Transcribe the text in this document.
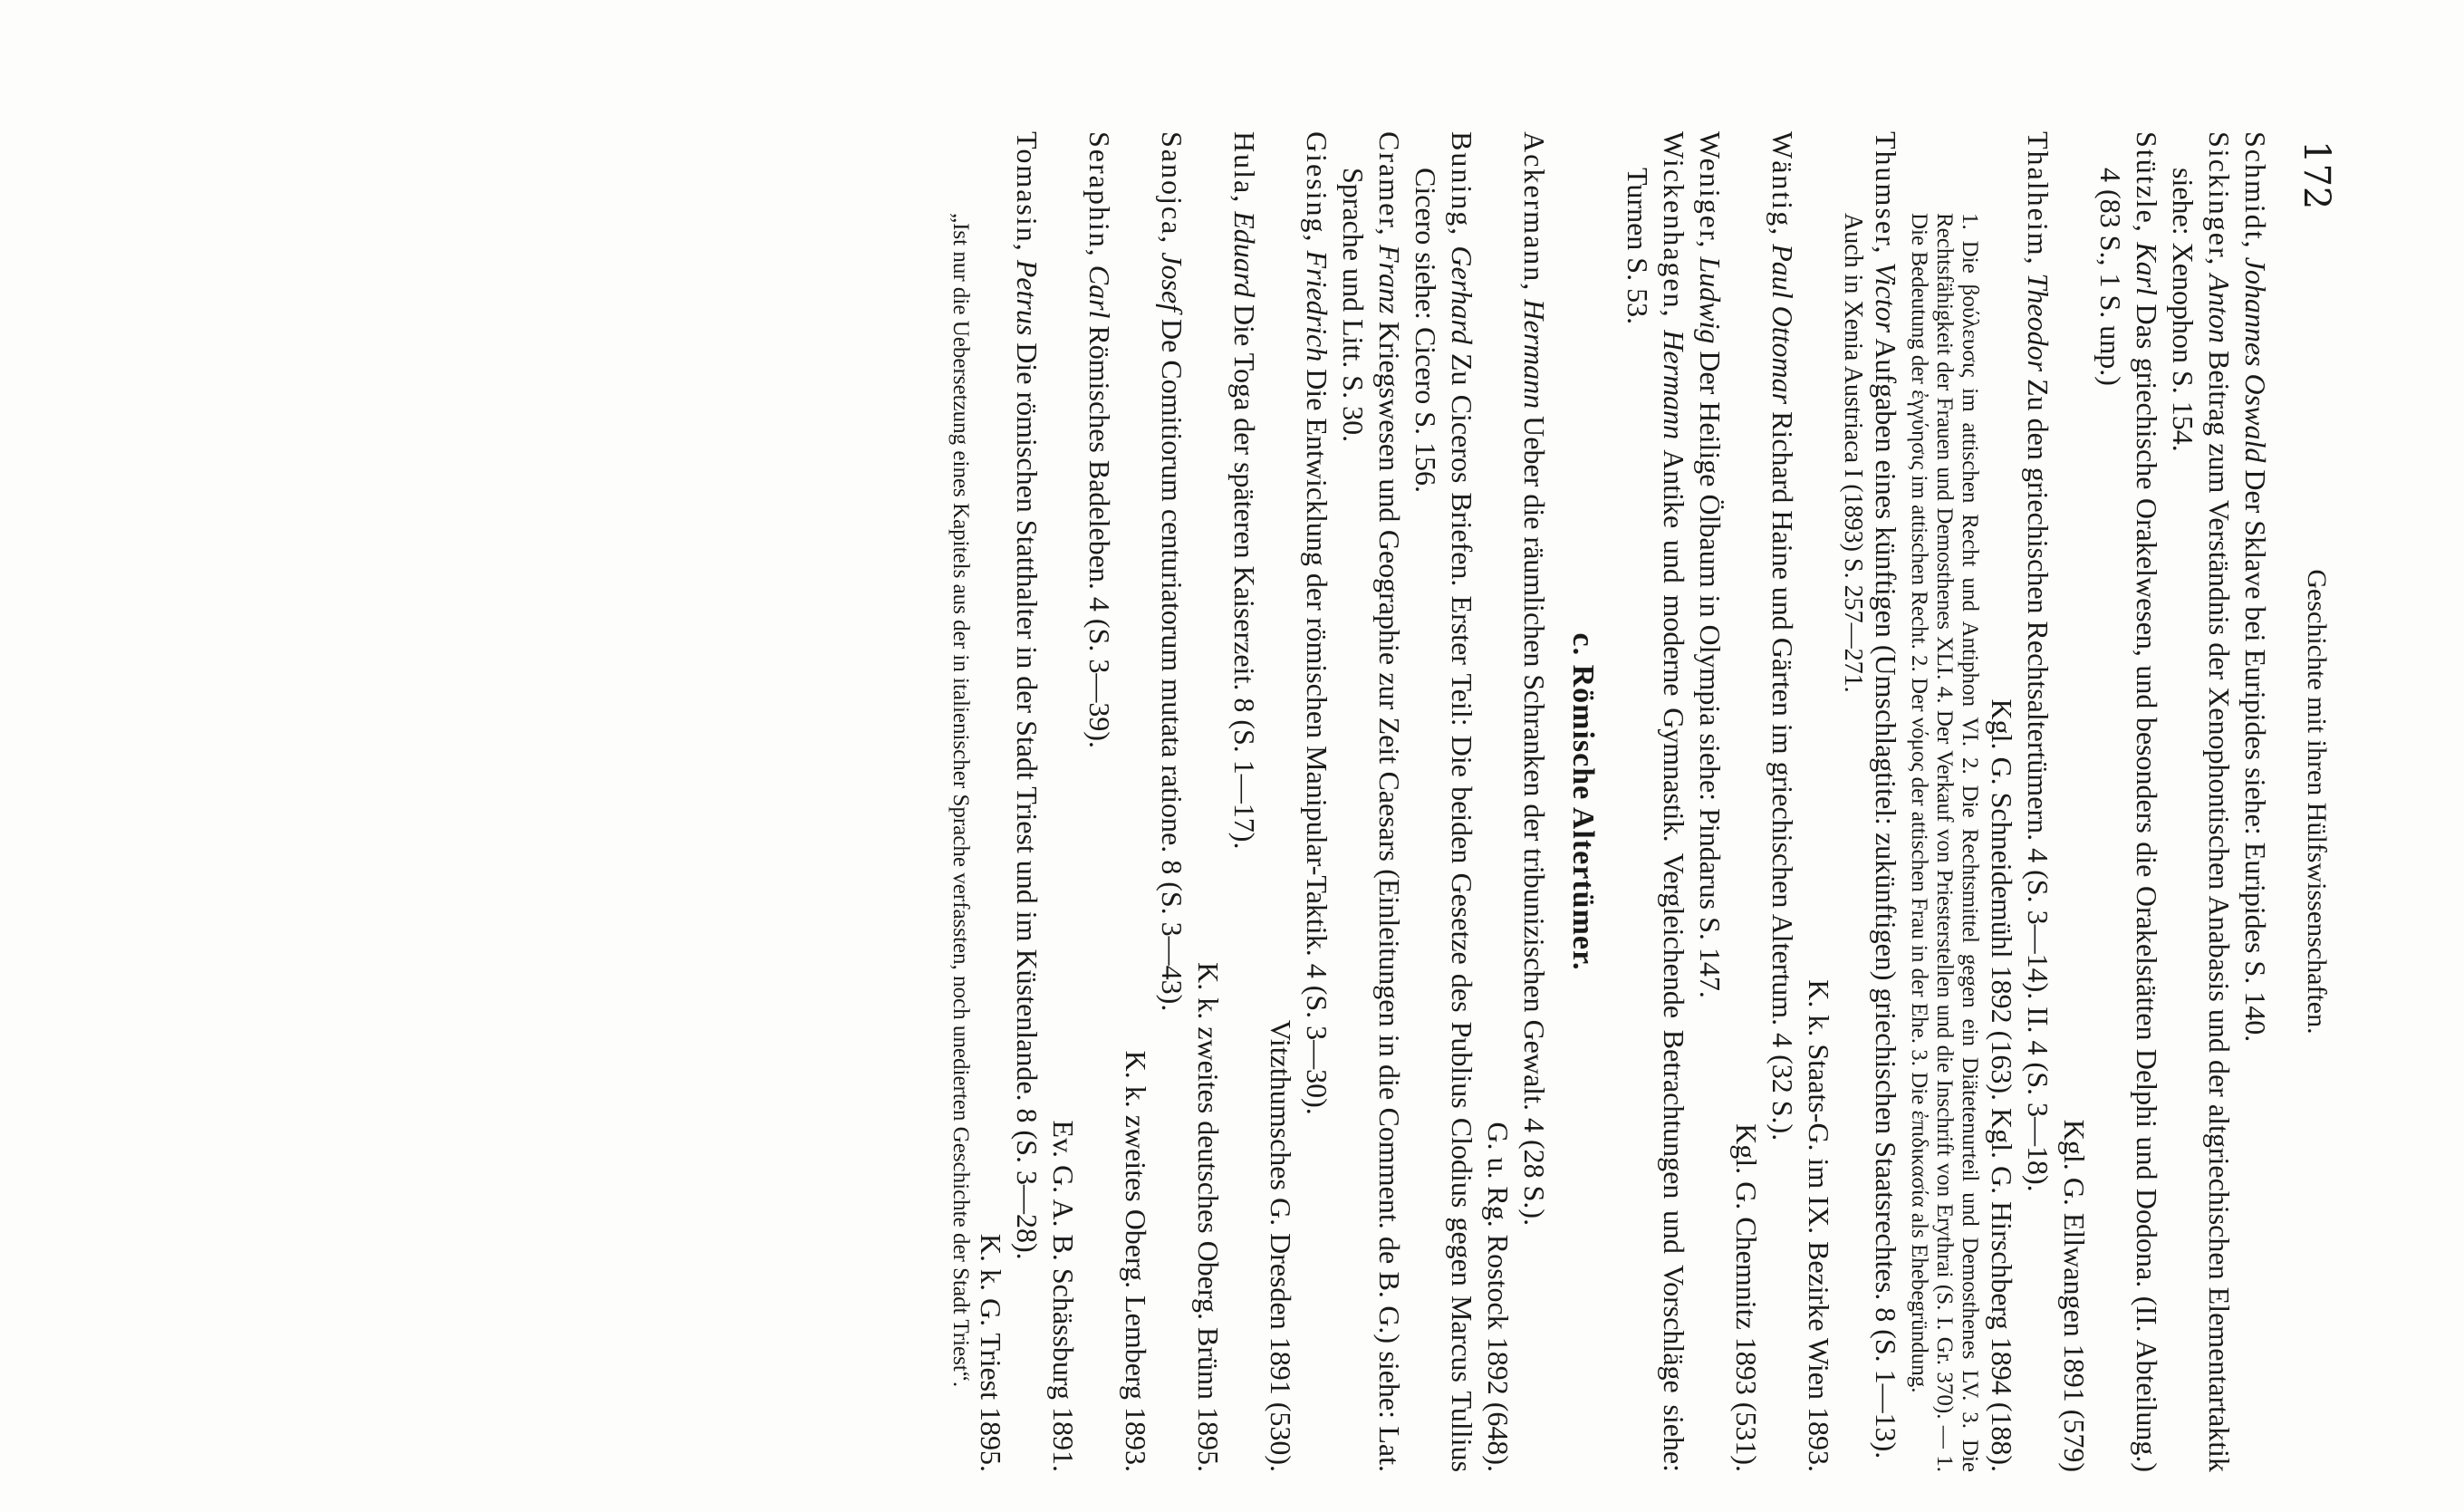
172
Geschichte mit ihren Hülfswissenschaften.

Schmidt, Johannes Oswald Der Sklave bei Euripides siehe: Euripides S. 140.

Sickinger, Anton Beitrag zum Verständnis der Xenophontischen Anabasis und der altgriechischen Elementartaktik siehe: Xenophon S. 154.

Stützle, Karl Das griechische Orakelwesen, und besonders die Orakelstätten Delphi und Dodona. (II. Abteilung.) 4 (83 S., 1 S. unp.)
Kgl. G. Ellwangen 1891 (579)

Thalheim, Theodor Zu den griechischen Rechtsaltertümern. 4 (S. 3—14). II. 4 (S. 3—18).
Kgl. G. Schneidemühl 1892 (163). Kgl. G. Hirschberg 1894 (188).

1. Die βούλευσις im attischen Recht und Antiphon VI. 2. Die Rechtsmittel gegen ein Diätetenurteil und Demosthenes LV. 3. Die Rechtsfähigkeit der Frauen und Demosthenes XLI. 4. Der Verkauf von Priesterstellen und die Inschrift von Erythrai (S. I. Gr. 370). — 1. Die Bedeutung der ἐγγύησις im attischen Recht. 2. Der νόμος der attischen Frau in der Ehe. 3. Die ἐπιδικασία als Ehebegründung.

Thumser, Victor Aufgaben eines künftigen (Umschlagtitel: zukünftigen) griechischen Staatsrechtes. 8 (S. 1—13).

Auch in Xenia Austriaca I (1893) S. 257—271.

K. k. Staats-G. im IX. Bezirke Wien 1893.

Wäntig, Paul Ottomar Richard Haine und Gärten im griechischen Altertum. 4 (32 S.).
Kgl. G. Chemnitz 1893 (531).

Weniger, Ludwig Der Heilige Ölbaum in Olympia siehe: Pindarus S. 147.

Wickenhagen, Hermann Antike und moderne Gymnastik. Vergleichende Betrachtungen und Vorschläge siehe: Turnen S. 53.

c. Römische Altertümer.

Ackermann, Hermann Ueber die räumlichen Schranken der tribunizischen Gewalt. 4 (28 S.).
G. u. Rg. Rostock 1892 (648).

Buning, Gerhard Zu Ciceros Briefen. Erster Teil: Die beiden Gesetze des Publius Clodius gegen Marcus Tullius Cicero siehe: Cicero S. 156.

Cramer, Franz Kriegswesen und Geographie zur Zeit Caesars (Einleitungen in die Comment. de B. G.) siehe: Lat. Sprache und Litt. S. 30.

Giesing, Friedrich Die Entwicklung der römischen Manipular-Taktik. 4 (S. 3—30).
Vitzthumsches G. Dresden 1891 (530).

Hula, Eduard Die Toga der späteren Kaiserzeit. 8 (S. 1—17).
K. k. zweites deutsches Oberg. Brünn 1895.

Sanojca, Josef De Comitiorum centuriatorum mutata ratione. 8 (S. 3—43).
K. k. zweites Oberg. Lemberg 1893.

Seraphin, Carl Römisches Badeleben. 4 (S. 3—39).
Ev. G. A. B. Schässburg 1891.

Tomasin, Petrus Die römischen Statthalter in der Stadt Triest und im Küstenlande. 8 (S. 3—28).
K. k. G. Triest 1895.

„Ist nur die Uebersetzung eines Kapitels aus der in italienischer Sprache verfassten, noch unedierten Geschichte der Stadt Triest“.
